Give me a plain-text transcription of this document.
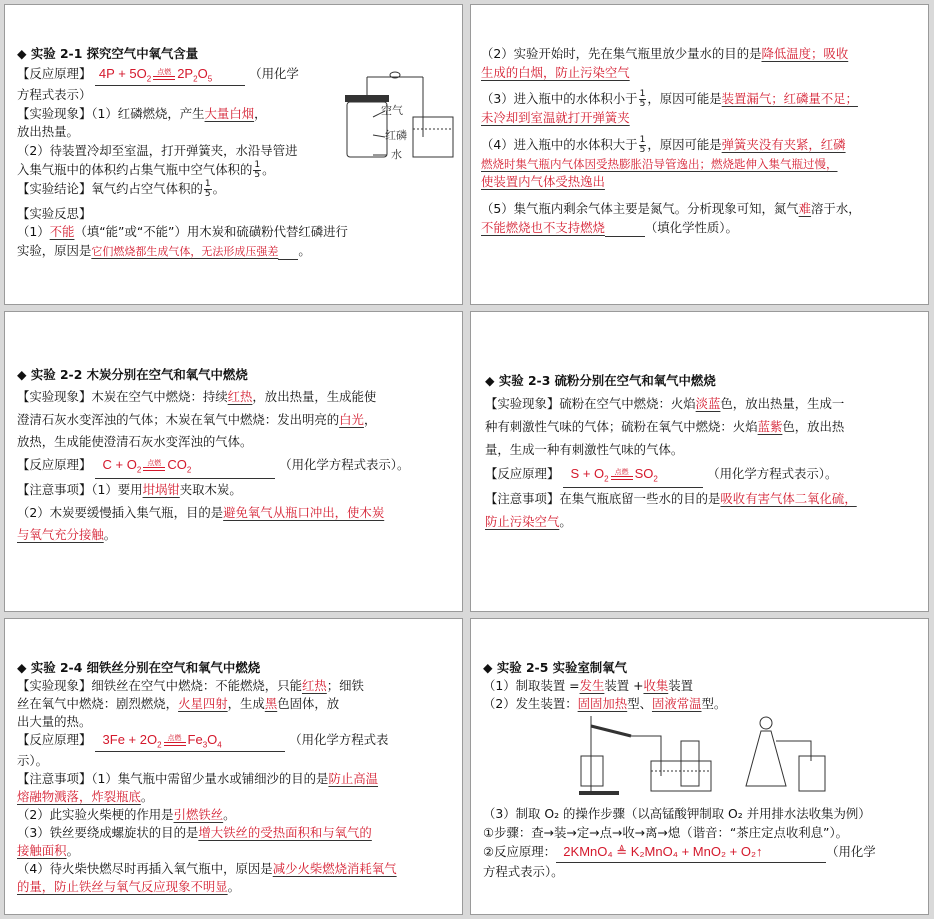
◆ 实验 2-1 探究空气中氧气含量
【反应原理】 $4P + 5O_2$
点燃 $2P_2O_5$	（用化学
方程式表示）
【实验现象】（1）红磷燃烧，产生大量白烟，
放出热量。
（2）待装置冷却至室温，打开弹簧夹，水沿导管进
入集气瓶中的体积约占集气瓶中空气体积的 $\frac{1}{5}$ 。
【实验结论】氧气约占空气体积的 $\frac{1}{5}$ 。
【实验反思】
（1）不能（填“能”或“不能”）用木炭和硫磺粉代替红磷进行
实验，原因是它们燃烧都生成气体，无法形成压强差 。
空气
红磷
水
（2）实验开始时，先在集气瓶里放少量水的目的是降低温度；吸收
生成的白烟，防止污染空气
（3）进入瓶中的水体积小于 $\frac{1}{5}$ ，原因可能是装置漏气；红磷量不足；
未冷却到室温就打开弹簧夹
（4）进入瓶中的水体积大于 $\frac{1}{5}$ ，原因可能是弹簧夹没有夹紧，红磷
燃烧时集气瓶内气体因受热膨胀沿导管逸出；燃烧匙伸入集气瓶过慢，
使装置内气体受热逸出
（5）集气瓶内剩余气体主要是氮气。分析现象可知，氮气难溶于水，
不能燃烧也不支持燃烧	（填化学性质）。
◆ 实验 2-2 木炭分别在空气和氧气中燃烧
【实验现象】木炭在空气中燃烧：持续红热，放出热量，生成能使
澄清石灰水变浑浊的气体；木炭在氧气中燃烧：发出明亮的白光，
放热，生成能使澄清石灰水变浑浊的气体。
【反应原理】 $C + O_2$
点燃 $CO_2$	（用化学方程式表示）。
【注意事项】（1）要用坩埚钳夹取木炭。
（2）木炭要缓慢插入集气瓶，目的是避免氧气从瓶口冲出，使木炭
与氧气充分接触。
◆ 实验 2-3 硫粉分别在空气和氧气中燃烧
【实验现象】硫粉在空气中燃烧：火焰淡蓝色，放出热量，生成一
种有刺激性气味的气体；硫粉在氧气中燃烧：火焰蓝紫色，放出热
量，生成一种有刺激性气味的气体。
【反应原理】 $S + O_2$
点燃 $SO_2$	（用化学方程式表示）。
【注意事项】在集气瓶底留一些水的目的是吸收有害气体二氧化硫，
防止污染空气。
◆ 实验 2-4 细铁丝分别在空气和氧气中燃烧
【实验现象】细铁丝在空气中燃烧：不能燃烧，只能红热；细铁
丝在氧气中燃烧：剧烈燃烧，火星四射，生成黑色固体，放
出大量的热。
【反应原理】 $3Fe + 2O_2$
点燃 $Fe_3O_4$	（用化学方程式表
示）。
【注意事项】（1）集气瓶中需留少量水或铺细沙的目的是防止高温
熔融物溅落，炸裂瓶底。
（2）此实验火柴梗的作用是引燃铁丝。
（3）铁丝要绕成螺旋状的目的是增大铁丝的受热面积和与氧气的
接触面积。
（4）待火柴快燃尽时再插入氧气瓶中，原因是减少火柴燃烧消耗氧气
的量，防止铁丝与氧气反应现象不明显。
◆ 实验 2-5 实验室制氧气
（1）制取装置 =发生装置 +收集装置
（2）发生装置：固固加热型、固液常温型。
（3）制取 O₂ 的操作步骤（以高锰酸钾制取 O₂ 并用排水法收集为例）
①步骤：查→装→定→点→收→离→熄（谐音：“茶庄定点收利息”）。
②反应原理： 2KMnO₄ ≜ K₂MnO₄ + MnO₂ + O₂↑	（用化学
方程式表示）。
